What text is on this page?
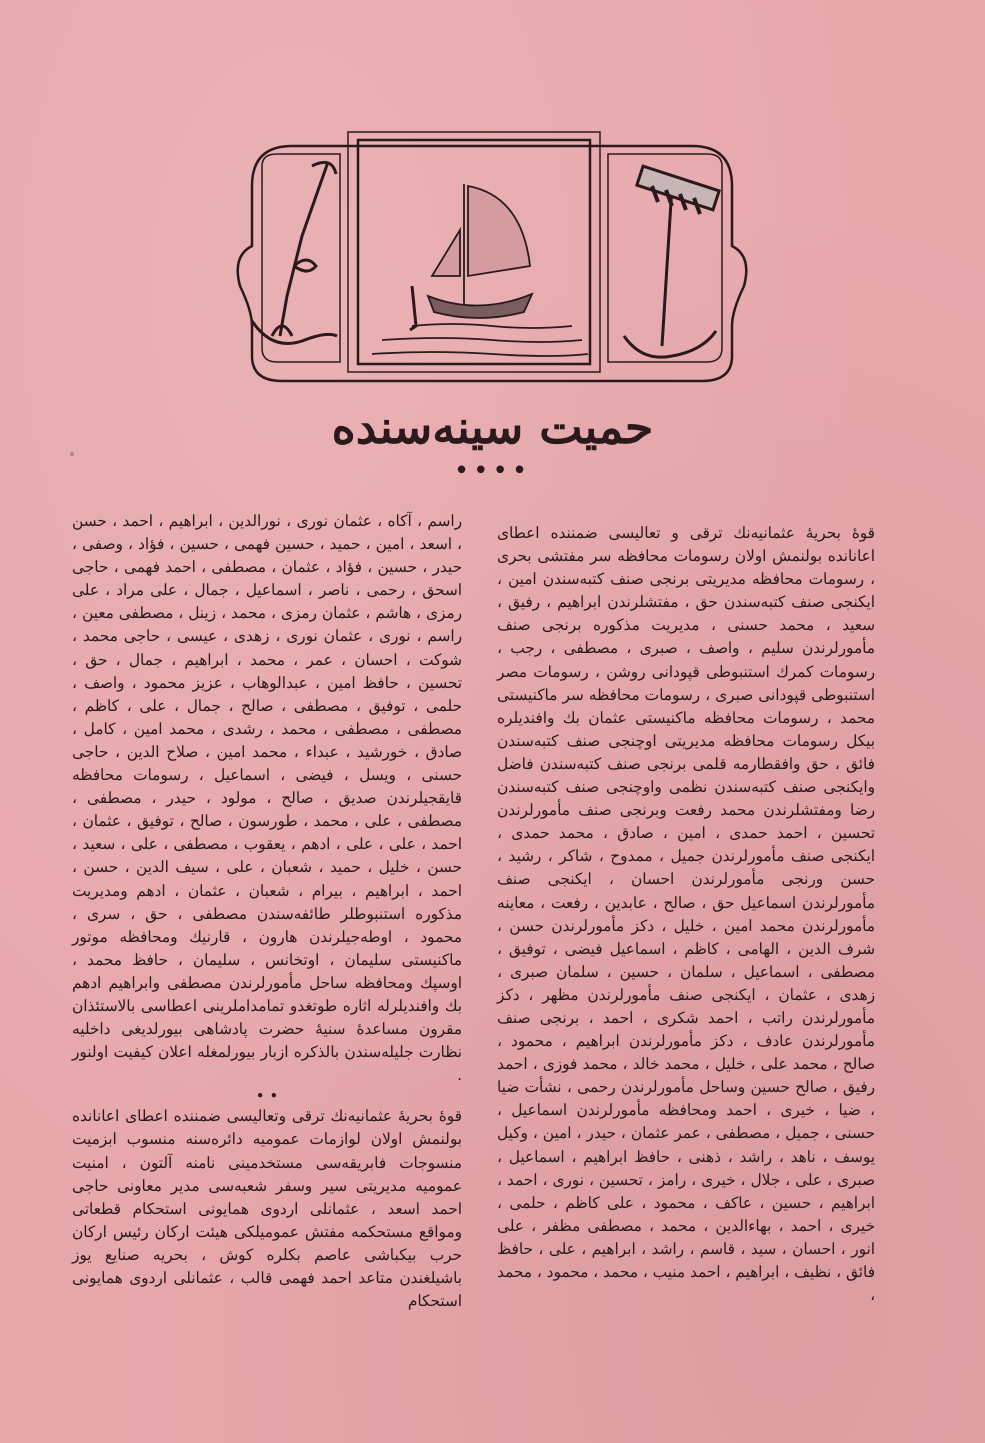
حمیت سینه‌سنده
••••

قوهٔ بحریهٔ عثمانیه‌نك ترقی و تعالیسی ضمننده اعطای اعانانده بولنمش اولان رسومات محافظه سر مفتشی بحری ، رسومات محافظه مدیریتی برنجی صنف کتبه‌سندن امین ، ایکنجی صنف کتبه‌سندن حق ، مفتشلرندن ابراهیم ، رفیق ، سعید ، محمد حسنی ، مدیریت مذکوره برنجی صنف مأمورلرندن سلیم ، واصف ، صبری ، مصطفی ، رجب ، رسومات کمرك استنبوطی قپودانی روشن ، رسومات مصر استنبوطی قپودانی صبری ، رسومات محافظه سر ماکنیستی محمد ، رسومات محافظه ماکنیستی عثمان بك وافندیلره بیکل رسومات محافظه مدیریتی اوچنجی صنف کتبه‌سندن فائق ، حق وافقطارمه قلمی برنجی صنف کتبه‌سندن فاضل وایکنجی صنف کتبه‌سندن نظمی واوچنجی صنف کتبه‌سندن رضا ومفتشلرندن محمد رفعت وبرنجی صنف مأمورلرندن تحسین ، احمد حمدی ، امین ، صادق ، محمد حمدی ، ایکنجی صنف مأمورلرندن جمیل ، ممدوح ، شاکر ، رشید ، حسن ورنجی مأمورلرندن احسان ، ایکنجی صنف مأمورلرندن اسماعیل حق ، صالح ، عابدین ، رفعت ، معاینه مأمورلرندن محمد امین ، خلیل ، دکز مأمورلرندن حسن ، شرف الدین ، الهامی ، کاظم ، اسماعیل فیضی ، توفیق ، مصطفی ، اسماعیل ، سلمان ، حسین ، سلمان صبری ، زهدی ، عثمان ، ایکنجی صنف مأمورلرندن مظهر ، دکز مأمورلرندن راتب ، احمد شکری ، احمد ، برنجی صنف مأمورلرندن عادف ، دکز مأمورلرندن ابراهیم ، محمود ، صالح ، محمد علی ، خلیل ، محمد خالد ، محمد فوزی ، احمد رفیق ، صالح حسین وساحل مأمورلرندن رحمی ، نشأت ضیا ، ضیا ، خیری ، احمد ومحافظه مأمورلرندن اسماعیل ، حسنی ، جمیل ، مصطفی ، عمر عثمان ، حیدر ، امین ، وکیل یوسف ، ناهد ، راشد ، ذهنی ، حافظ ابراهیم ، اسماعیل ، صبری ، علی ، جلال ، خیری ، رامز ، تحسین ، نوری ، احمد ، ابراهیم ، حسین ، عاکف ، محمود ، علی کاظم ، حلمی ، خیری ، احمد ، بهاءالدین ، محمد ، مصطفی مظفر ، علی انور ، احسان ، سید ، قاسم ، راشد ، ابراهیم ، علی ، حافظ فائق ، نظیف ، ابراهیم ، احمد منیب ، محمد ، محمود ، محمد ،

راسم ، آکاه ، عثمان نوری ، نورالدین ، ابراهیم ، احمد ، حسن ، اسعد ، امین ، حمید ، حسین فهمی ، حسین ، فؤاد ، وصفی ، حیدر ، حسین ، فؤاد ، عثمان ، مصطفی ، احمد فهمی ، حاجی اسحق ، رحمی ، ناصر ، اسماعیل ، جمال ، علی مراد ، علی رمزی ، هاشم ، عثمان رمزی ، محمد ، زینل ، مصطفی معین ، راسم ، نوری ، عثمان نوری ، زهدی ، عیسی ، حاجی محمد ، شوکت ، احسان ، عمر ، محمد ، ابراهیم ، جمال ، حق ، تحسین ، حافظ امین ، عبدالوهاب ، عزیز محمود ، واصف ، حلمی ، توفیق ، مصطفی ، صالح ، جمال ، علی ، کاظم ، مصطفی ، مصطفی ، محمد ، رشدی ، محمد امین ، کامل ، صادق ، خورشید ، عبداء ، محمد امین ، صلاح الدین ، حاجی حسنی ، ویسل ، فیضی ، اسماعیل ، رسومات محافظه قایقجیلرندن صدیق ، صالح ، مولود ، حیدر ، مصطفی ، مصطفی ، علی ، محمد ، طورسون ، صالح ، توفیق ، عثمان ، احمد ، علی ، علی ، ادهم ، یعقوب ، مصطفی ، علی ، سعید ، حسن ، خلیل ، حمید ، شعبان ، علی ، سیف الدین ، حسن ، احمد ، ابراهیم ، بیرام ، شعبان ، عثمان ، ادهم ومدیریت مذکوره استنبوطلر طائفه‌سندن مصطفی ، حق ، سری ، محمود ، اوطه‌جیلرندن هارون ، قارنیك ومحافظه موتور ماکنیستی سلیمان ، اوتخانس ، سلیمان ، حافظ محمد ، اوسپك ومحافظه ساحل مأمورلرندن مصطفی وابراهیم ادهم بك وافندیلرله اثاره طوتغدو تمامداملرینی اعطاسی بالاستئذان مقرون مساعدهٔ سنیهٔ حضرت پادشاهی بیورلدیغی داخلیه نظارت جلیله‌سندن بالذکره ازبار بیورلمغله اعلان کیفیت اولنور .

• •

قوهٔ بحریهٔ عثمانیه‌نك ترقی وتعالیسی ضمننده اعطای اعانانده بولنمش اولان لوازمات عمومیه دائره‌سنه منسوب ابزمیت منسوجات فابریقه‌سی مستخدمینی نامنه آلتون ، امنیت عمومیه مدیریتی سیر وسفر شعبه‌سی مدیر معاونی حاجی احمد اسعد ، عثمانلی اردوی همایونی استحکام قطعاتی ومواقع مستحکمه مفتش عمومیلکی هیئت ارکان رئیس ارکان حرب بیکباشی عاصم بکلره کوش ، بحریه صنایع یوز باشیلغندن متاعد احمد فهمی قالب ، عثمانلی اردوی همایونی استحکام
